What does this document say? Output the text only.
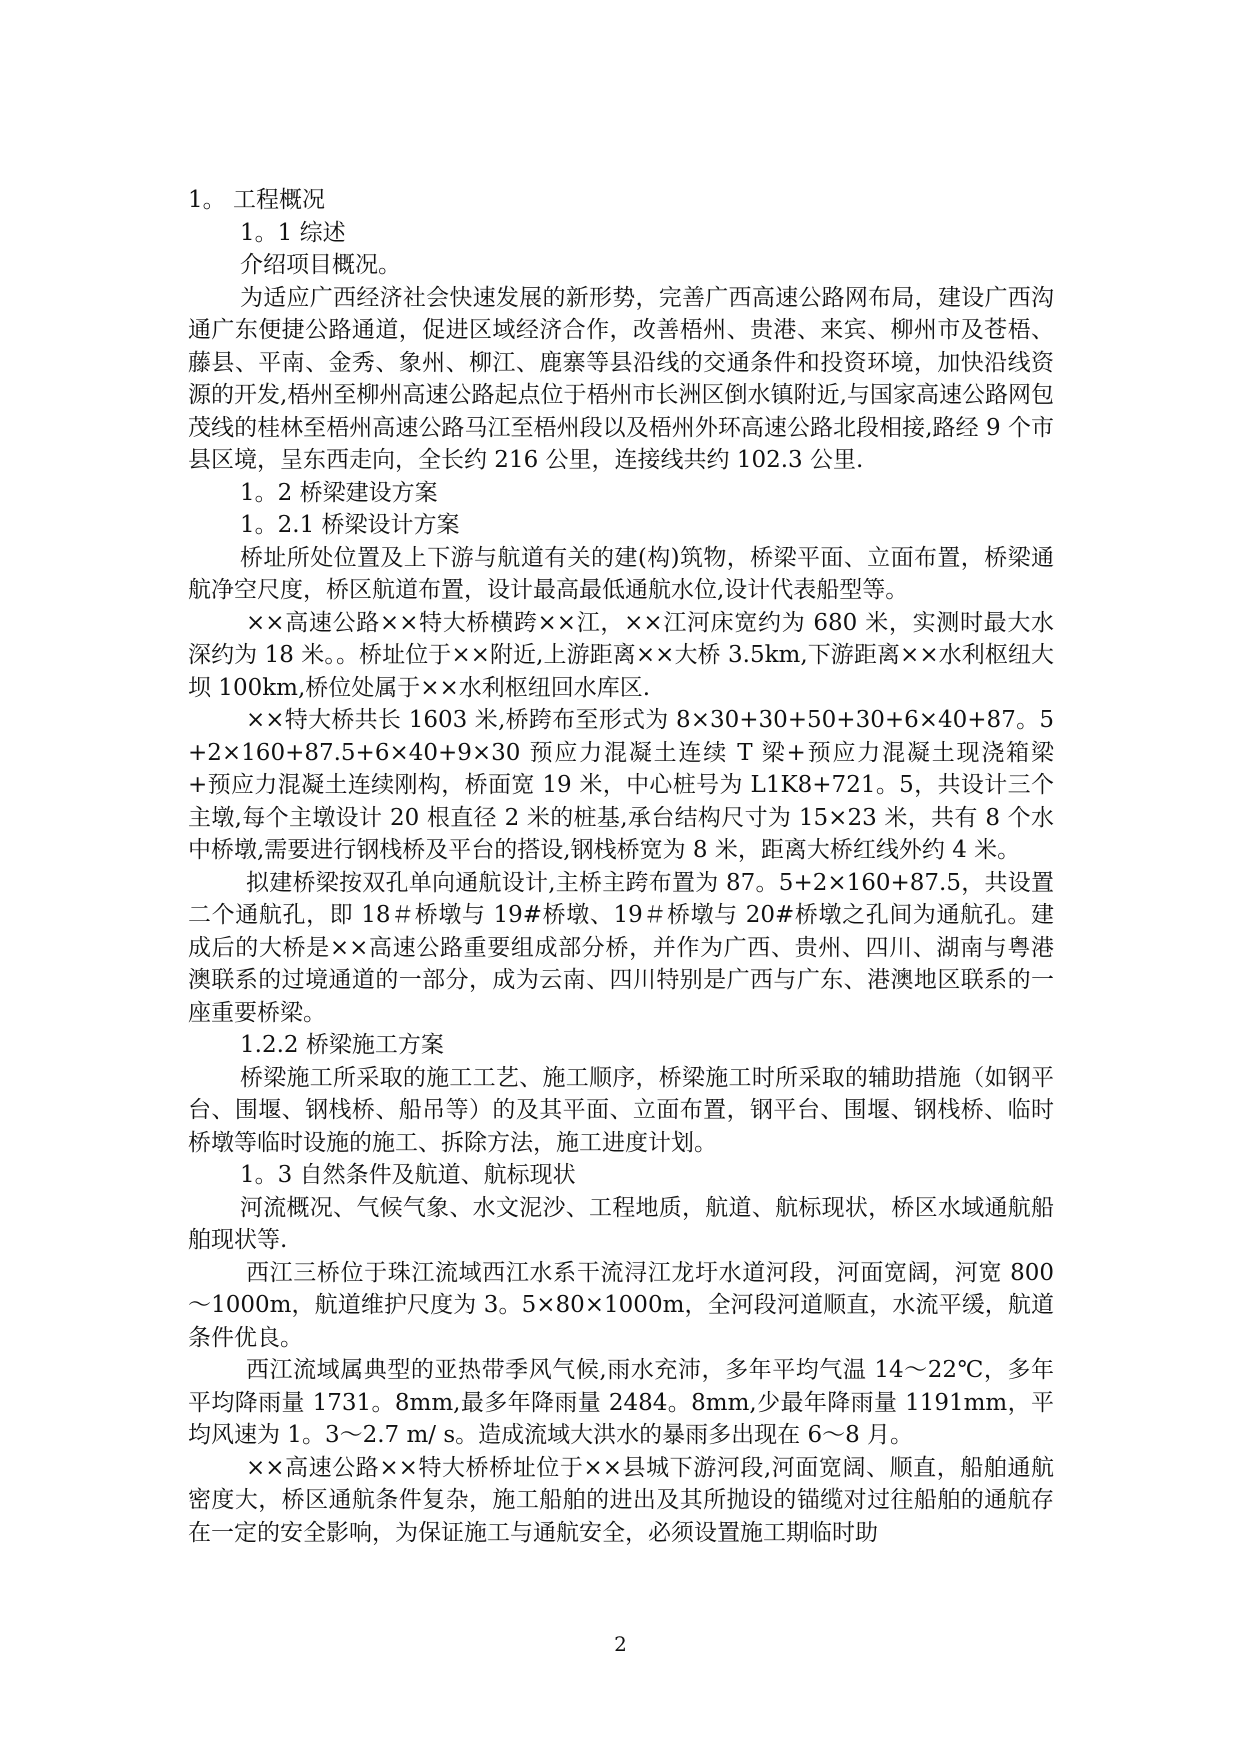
1。 工程概况

1。1 综述

介绍项目概况。

为适应广西经济社会快速发展的新形势，完善广西高速公路网布局，建设广西沟通广东便捷公路通道，促进区域经济合作，改善梧州、贵港、来宾、柳州市及苍梧、藤县、平南、金秀、象州、柳江、鹿寨等县沿线的交通条件和投资环境，加快沿线资源的开发,梧州至柳州高速公路起点位于梧州市长洲区倒水镇附近,与国家高速公路网包茂线的桂林至梧州高速公路马江至梧州段以及梧州外环高速公路北段相接,路经 9 个市县区境，呈东西走向，全长约 216 公里，连接线共约 102.3 公里.

1。2 桥梁建设方案

1。2.1 桥梁设计方案

桥址所处位置及上下游与航道有关的建(构)筑物，桥梁平面、立面布置，桥梁通航净空尺度，桥区航道布置，设计最高最低通航水位,设计代表船型等。

××高速公路××特大桥横跨××江，××江河床宽约为 680 米，实测时最大水深约为 18 米。。桥址位于××附近,上游距离××大桥 3.5km,下游距离××水利枢纽大坝 100km,桥位处属于××水利枢纽回水库区.

××特大桥共长 1603 米,桥跨布至形式为 8×30+30+50+30+6×40+87。5+2×160+87.5+6×40+9×30 预应力混凝土连续 T 梁+预应力混凝土现浇箱梁+预应力混凝土连续刚构，桥面宽 19 米，中心桩号为 L1K8+721。5，共设计三个主墩,每个主墩设计 20 根直径 2 米的桩基,承台结构尺寸为 15×23 米，共有 8 个水中桥墩,需要进行钢栈桥及平台的搭设,钢栈桥宽为 8 米，距离大桥红线外约 4 米。

拟建桥梁按双孔单向通航设计,主桥主跨布置为 87。5+2×160+87.5，共设置二个通航孔，即 18＃桥墩与 19#桥墩、19＃桥墩与 20#桥墩之孔间为通航孔。建成后的大桥是××高速公路重要组成部分桥，并作为广西、贵州、四川、湖南与粤港澳联系的过境通道的一部分，成为云南、四川特别是广西与广东、港澳地区联系的一座重要桥梁。

1.2.2 桥梁施工方案

桥梁施工所采取的施工工艺、施工顺序，桥梁施工时所采取的辅助措施（如钢平台、围堰、钢栈桥、船吊等）的及其平面、立面布置，钢平台、围堰、钢栈桥、临时桥墩等临时设施的施工、拆除方法，施工进度计划。

1。3 自然条件及航道、航标现状

河流概况、气候气象、水文泥沙、工程地质，航道、航标现状，桥区水域通航船舶现状等.

西江三桥位于珠江流域西江水系干流浔江龙圩水道河段，河面宽阔，河宽 800～1000m，航道维护尺度为 3。5×80×1000m，全河段河道顺直，水流平缓，航道条件优良。

西江流域属典型的亚热带季风气候,雨水充沛，多年平均气温 14～22℃，多年平均降雨量 1731。8mm,最多年降雨量 2484。8mm,少最年降雨量 1191mm，平均风速为 1。3～2.7 m/ s。造成流域大洪水的暴雨多出现在 6～8 月。

××高速公路××特大桥桥址位于××县城下游河段,河面宽阔、顺直，船舶通航密度大，桥区通航条件复杂，施工船舶的进出及其所抛设的锚缆对过往船舶的通航存在一定的安全影响，为保证施工与通航安全，必须设置施工期临时助

2
